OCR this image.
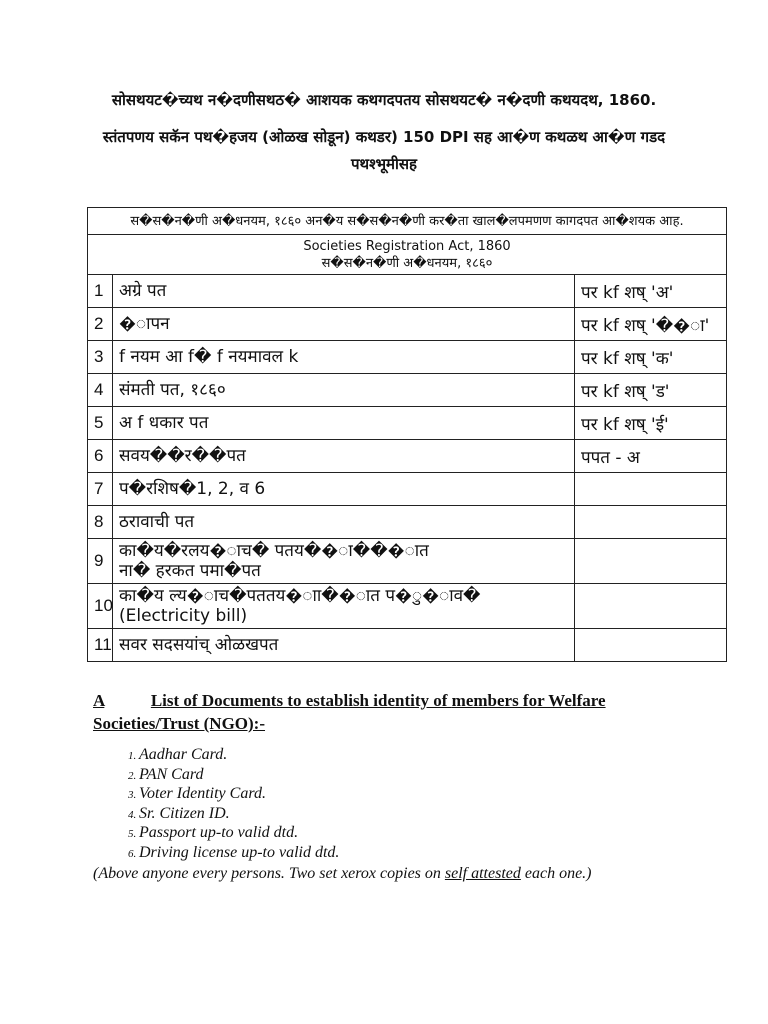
सोसथयट�च्यथ न�दणीसथठ� आशयक कथगदपतय सोसथयट� न�दणी कथयदथ, 1860.
स्तंतपणय सकॅन पथ�हजय (ओळख सोडून) कथडर) 150 DPI सह आ�ण कथळथ आ�ण गडद
पथश्भूमीसह
स�स�न�णी अ�धनयम, १८६० अन�य स�स�न�णी कर�ता खाल�लपमणण कागदपत आ�शयक आह.		

Societies Registration Act, 1860
स�स�न�णी अ�धनयम, १८६०		

1	अग्रे पत	पर kf शष् 'अ'
2	�ापन	पर kf शष् '��ा'
3	f नयम आ f� f नयमावल k	पर kf शष् 'क'
4	संमती पत, १८६०	पर kf शष् 'ड'
5	अ f धकार पत	पर kf शष् 'ई'
6	सवय��र��पत	पपत - अ
7	प�रशिष�1, 2, व 6	

8	ठरावाची पत	

9	का�य�रलय�ाच� पतय��ा���ात
ना� हरकत पमा�पत	

10	का�य ल्य�ाच�पततय�ाा��ात प�ु�ाव�
(Electricity bill)	

11	सवर सदसयांच् ओळखपत	

A	List of Documents to establish identity of members for Welfare
Societies/Trust (NGO):-
1. Aadhar Card.
2. PAN Card
3. Voter Identity Card.
4. Sr. Citizen ID.
5. Passport up-to valid dtd.
6. Driving license up-to valid dtd.
(Above anyone every persons. Two set xerox copies on self attested each one.)
